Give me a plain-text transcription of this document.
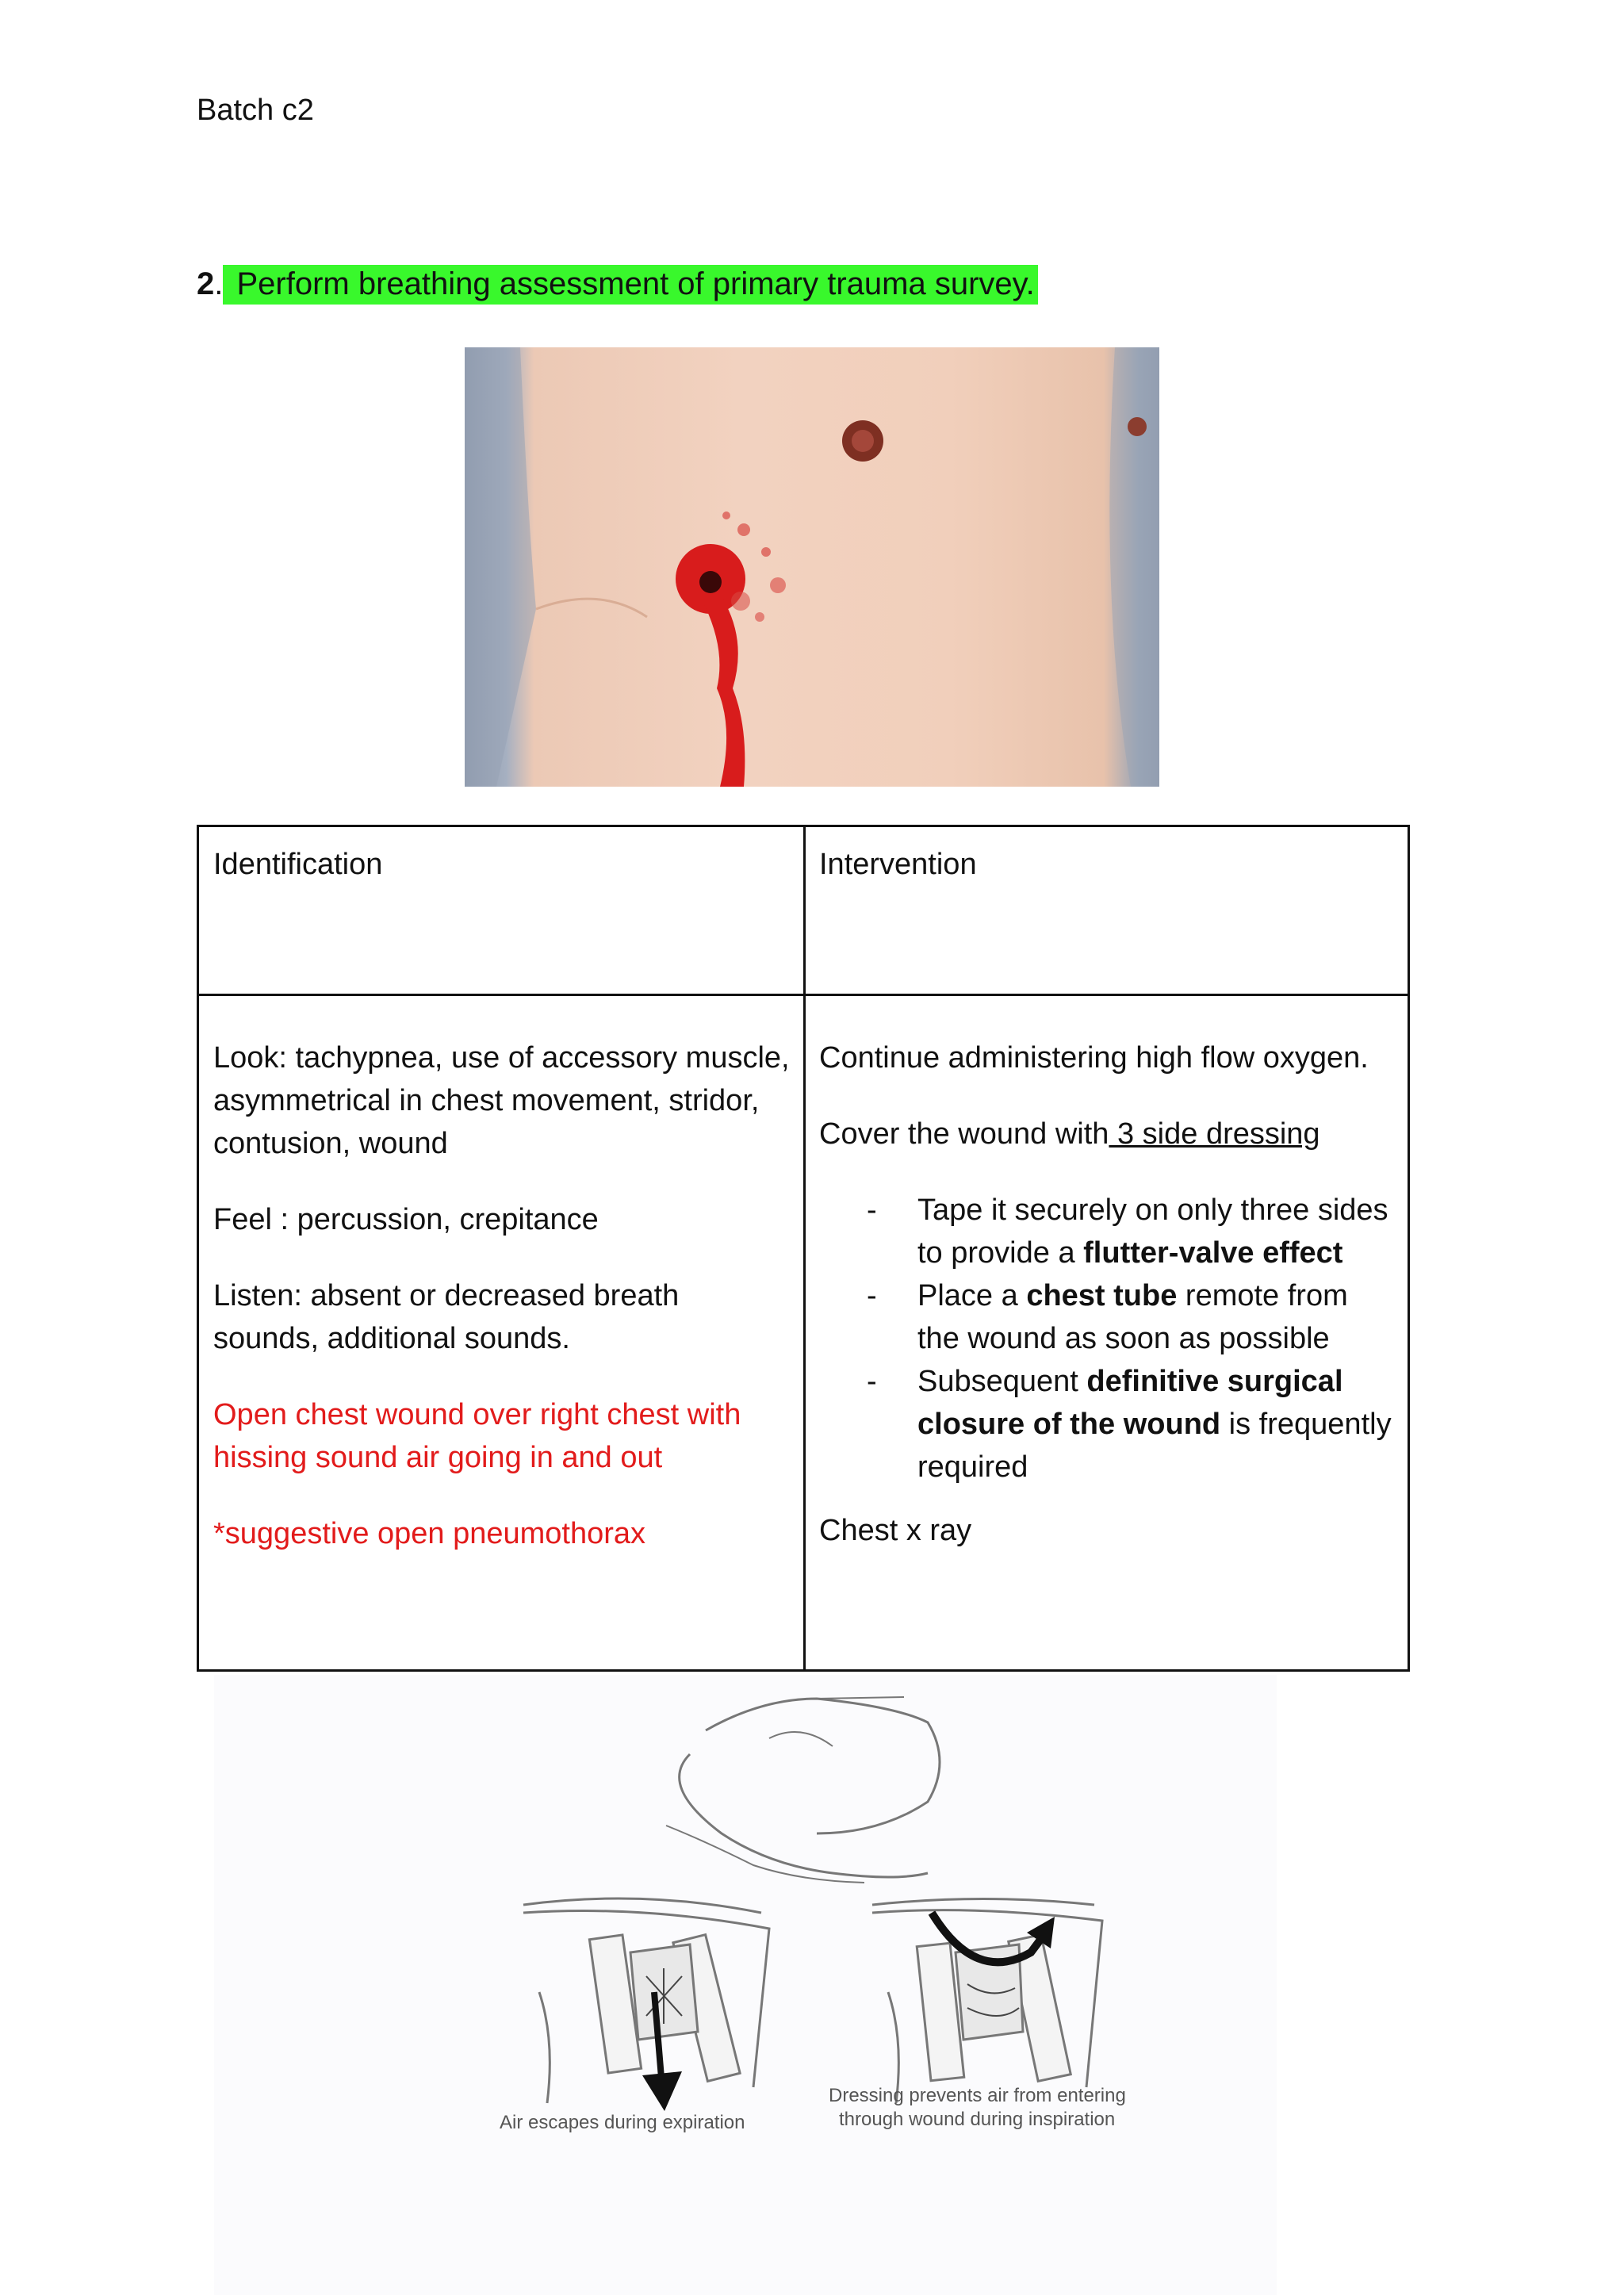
Batch c2
2. Perform breathing assessment of primary trauma survey.
Identification	Intervention

Look: tachypnea, use of accessory muscle, asymmetrical in chest movement, stridor, contusion, wound

Feel : percussion, crepitance

Listen: absent or decreased breath sounds, additional sounds.

Open chest wound over right chest with hissing sound air going in and out

*suggestive open pneumothorax

Continue administering high flow oxygen.

Cover the wound with 3 side dressing

- Tape it securely on only three sides to provide a flutter-valve effect
- Place a chest tube remote from the wound as soon as possible
- Subsequent definitive surgical closure of the wound is frequently required

Chest x ray

Air escapes during expiration
Dressing prevents air from entering
through wound during inspiration
